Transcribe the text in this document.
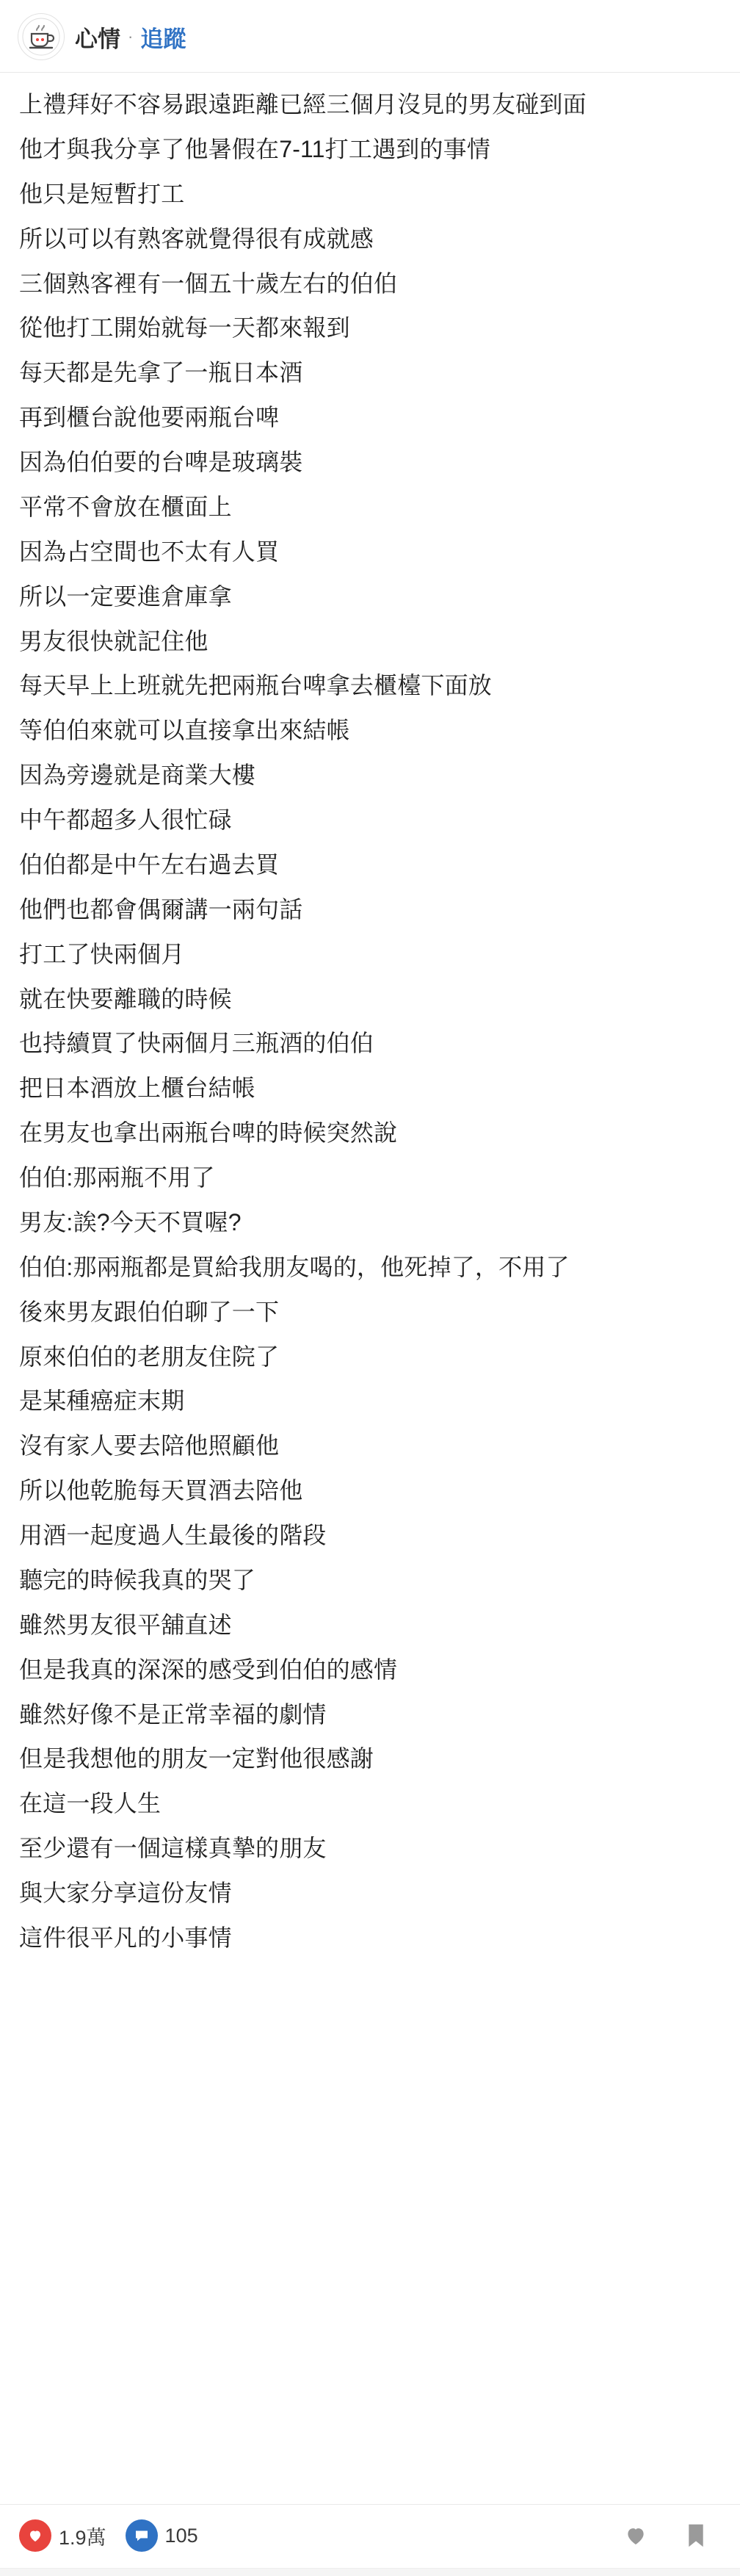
心情 · 追蹤

上禮拜好不容易跟遠距離已經三個月沒見的男友碰到面

他才與我分享了他暑假在7-11打工遇到的事情

他只是短暫打工

所以可以有熟客就覺得很有成就感

三個熟客裡有一個五十歲左右的伯伯

從他打工開始就每一天都來報到

每天都是先拿了一瓶日本酒

再到櫃台說他要兩瓶台啤

因為伯伯要的台啤是玻璃裝

平常不會放在櫃面上

因為占空間也不太有人買

所以一定要進倉庫拿

男友很快就記住他

每天早上上班就先把兩瓶台啤拿去櫃檯下面放

等伯伯來就可以直接拿出來結帳

因為旁邊就是商業大樓

中午都超多人很忙碌

伯伯都是中午左右過去買

他們也都會偶爾講一兩句話

打工了快兩個月

就在快要離職的時候

也持續買了快兩個月三瓶酒的伯伯

把日本酒放上櫃台結帳

在男友也拿出兩瓶台啤的時候突然說

伯伯:那兩瓶不用了

男友:誒?今天不買喔?

伯伯:那兩瓶都是買給我朋友喝的，他死掉了，不用了

後來男友跟伯伯聊了一下

原來伯伯的老朋友住院了

是某種癌症末期

沒有家人要去陪他照顧他

所以他乾脆每天買酒去陪他

用酒一起度過人生最後的階段

聽完的時候我真的哭了

雖然男友很平舖直述

但是我真的深深的感受到伯伯的感情

雖然好像不是正常幸福的劇情

但是我想他的朋友一定對他很感謝

在這一段人生

至少還有一個這樣真摯的朋友

與大家分享這份友情

這件很平凡的小事情

1.9萬	105
